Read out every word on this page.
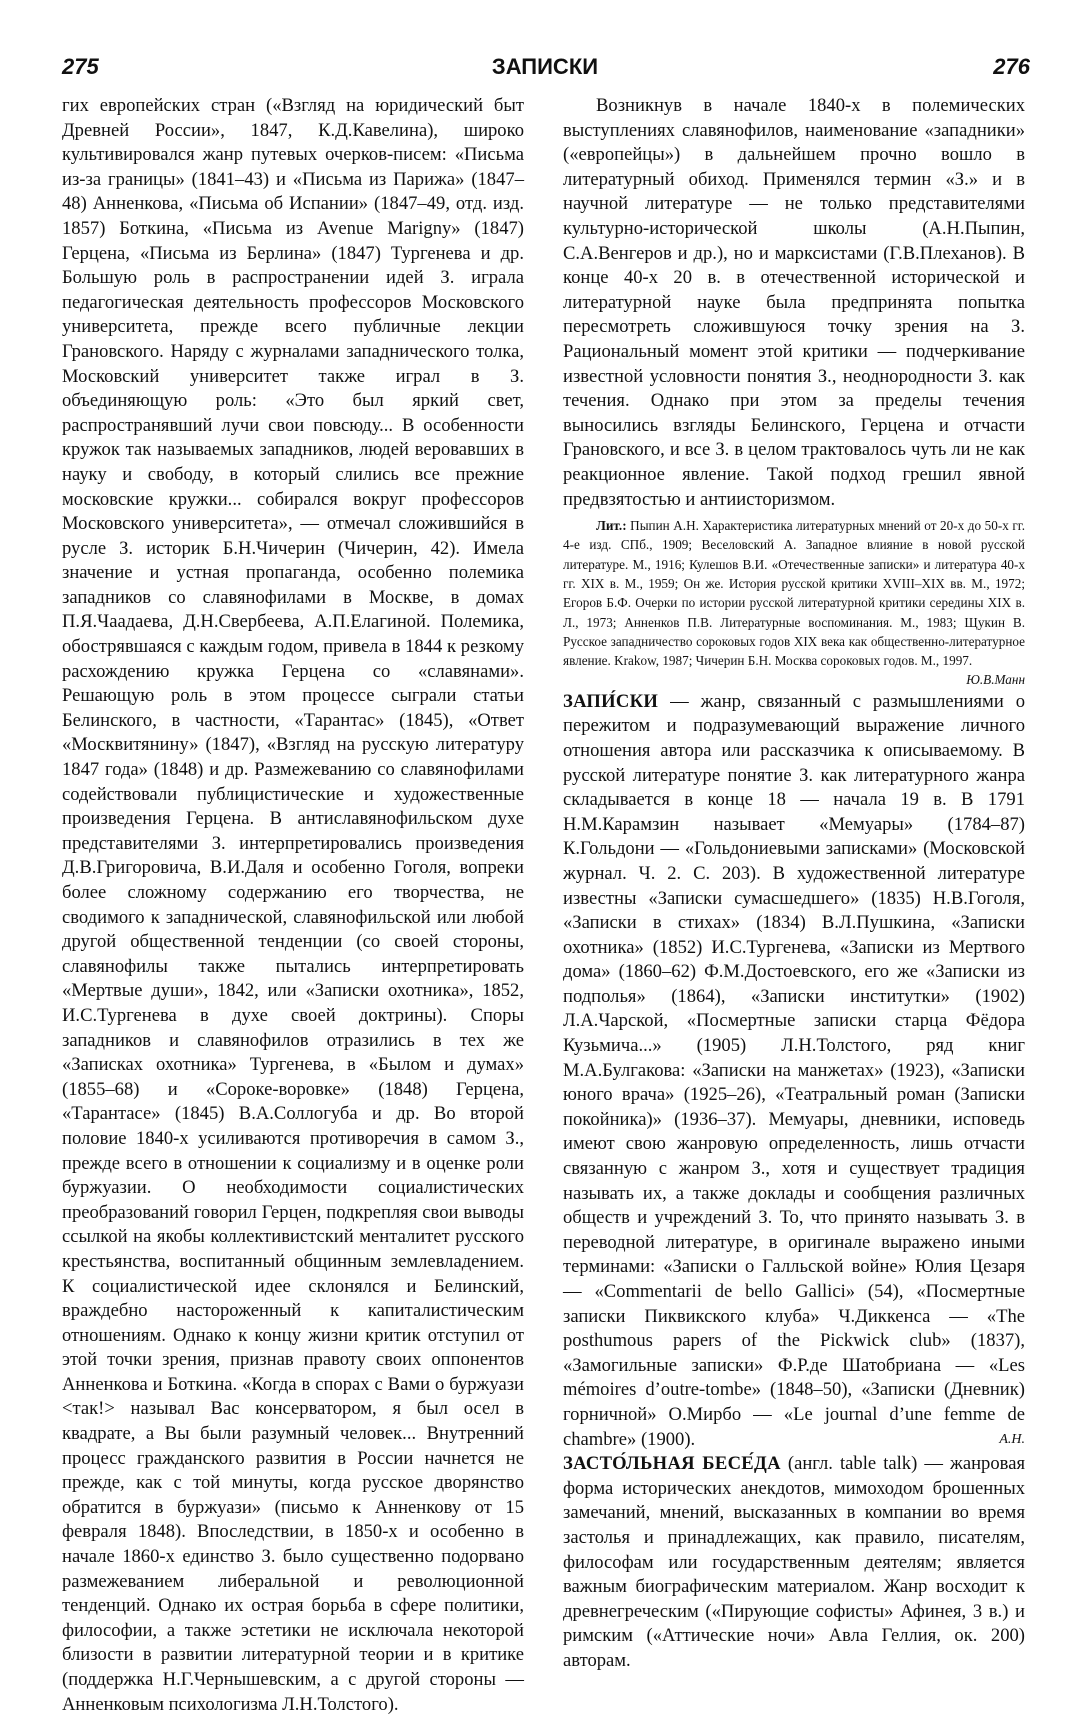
275	ЗАПИСКИ	276

гих европейских стран («Взгляд на юридический быт Древней России», 1847, К.Д.Кавелина), широко культивировался жанр путевых очерков-писем: «Письма из-за границы» (1841–43) и «Письма из Парижа» (1847–48) Анненкова, «Письма об Испании» (1847–49, отд. изд. 1857) Боткина, «Письма из Avenue Marigny» (1847) Герцена, «Письма из Берлина» (1847) Тургенева и др. Большую роль в распространении идей З. играла педагогическая деятельность профессоров Московского университета, прежде всего публичные лекции Грановского. Наряду с журналами западнического толка, Московский университет также играл в З. объединяющую роль: «Это был яркий свет, распространявший лучи свои повсюду... В особенности кружок так называемых западников, людей веровавших в науку и свободу, в который слились все прежние московские кружки... собирался вокруг профессоров Московского университета», — отмечал сложившийся в русле З. историк Б.Н.Чичерин (Чичерин, 42). Имела значение и устная пропаганда, особенно полемика западников со славянофилами в Москве, в домах П.Я.Чаадаева, Д.Н.Свербеева, А.П.Елагиной. Полемика, обострявшаяся с каждым годом, привела в 1844 к резкому расхождению кружка Герцена со «славянами». Решающую роль в этом процессе сыграли статьи Белинского, в частности, «Тарантас» (1845), «Ответ «Москвитянину» (1847), «Взгляд на русскую литературу 1847 года» (1848) и др. Размежеванию со славянофилами содействовали публицистические и художественные произведения Герцена. В антиславянофильском духе представителями З. интерпретировались произведения Д.В.Григоровича, В.И.Даля и особенно Гоголя, вопреки более сложному содержанию его творчества, не сводимого к западнической, славянофильской или любой другой общественной тенденции (со своей стороны, славянофилы также пытались интерпретировать «Мертвые души», 1842, или «Записки охотника», 1852, И.С.Тургенева в духе своей доктрины). Споры западников и славянофилов отразились в тех же «Записках охотника» Тургенева, в «Былом и думах» (1855–68) и «Сороке-воровке» (1848) Герцена, «Тарантасе» (1845) В.А.Соллогуба и др. Во второй половие 1840-х усиливаются противоречия в самом З., прежде всего в отношении к социализму и в оценке роли буржуазии. О необходимости социалистических преобразований говорил Герцен, подкрепляя свои выводы ссылкой на якобы коллективистский менталитет русского крестьянства, воспитанный общинным землевладением. К социалистической идее склонялся и Белинский, враждебно настороженный к капиталистическим отношениям. Однако к концу жизни критик отступил от этой точки зрения, признав правоту своих оппонентов Анненкова и Боткина. «Когда в спорах с Вами о буржуази <так!> называл Вас консерватором, я был осел в квадрате, а Вы были разумный человек... Внутренний процесс гражданского развития в России начнется не прежде, как с той минуты, когда русское дворянство обратится в буржуази» (письмо к Анненкову от 15 февраля 1848). Впоследствии, в 1850-х и особенно в начале 1860-х единство З. было существенно подорвано размежеванием либеральной и революционной тенденций. Однако их острая борьба в сфере политики, философии, а также эстетики не исключала некоторой близости в развитии литературной теории и в критике (поддержка Н.Г.Чернышевским, а с другой стороны — Анненковым психологизма Л.Н.Толстого).

Возникнув в начале 1840-х в полемических выступлениях славянофилов, наименование «западники» («европейцы») в дальнейшем прочно вошло в литературный обиход. Применялся термин «З.» и в научной литературе — не только представителями культурно-исторической школы (А.Н.Пыпин, С.А.Венгеров и др.), но и марксистами (Г.В.Плеханов). В конце 40-х 20 в. в отечественной исторической и литературной науке была предпринята попытка пересмотреть сложившуюся точку зрения на З. Рациональный момент этой критики — подчеркивание известной условности понятия З., неоднородности З. как течения. Однако при этом за пределы течения выносились взгляды Белинского, Герцена и отчасти Грановского, и все З. в целом трактовалось чуть ли не как реакционное явление. Такой подход грешил явной предвзятостью и антиисторизмом.

Лит.: Пыпин А.Н. Характеристика литературных мнений от 20-х до 50-х гг. 4-е изд. СПб., 1909; Веселовский А. Западное влияние в новой русской литературе. М., 1916; Кулешов В.И. «Отечественные записки» и литература 40-х гг. XIX в. М., 1959; Он же. История русской критики XVIII–XIX вв. М., 1972; Егоров Б.Ф. Очерки по истории русской литературной критики середины XIX в. Л., 1973; Анненков П.В. Литературные воспоминания. М., 1983; Щукин В. Русское западничество сороковых годов XIX века как общественно-литературное явление. Krakow, 1987; Чичерин Б.Н. Москва сороковых годов. М., 1997.
Ю.В.Манн

ЗАПИ́СКИ — жанр, связанный с размышлениями о пережитом и подразумевающий выражение личного отношения автора или рассказчика к описываемому. В русской литературе понятие З. как литературного жанра складывается в конце 18 — начала 19 в. В 1791 Н.М.Карамзин называет «Мемуары» (1784–87) К.Гольдони — «Гольдониевыми записками» (Московской журнал. Ч. 2. С. 203). В художественной литературе известны «Записки сумасшедшего» (1835) Н.В.Гоголя, «Записки в стихах» (1834) В.Л.Пушкина, «Записки охотника» (1852) И.С.Тургенева, «Записки из Мертвого дома» (1860–62) Ф.М.Достоевского, его же «Записки из подполья» (1864), «Записки институтки» (1902) Л.А.Чарской, «Посмертные записки старца Фёдора Кузьмича...» (1905) Л.Н.Толстого, ряд книг М.А.Булгакова: «Записки на манжетах» (1923), «Записки юного врача» (1925–26), «Театральный роман (Записки покойника)» (1936–37). Мемуары, дневники, исповедь имеют свою жанровую определенность, лишь отчасти связанную с жанром З., хотя и существует традиция называть их, а также доклады и сообщения различных обществ и учреждений З. То, что принято называть З. в переводной литературе, в оригинале выражено иными терминами: «Записки о Галльской войне» Юлия Цезаря — «Commentarii de bello Gallici» (54), «Посмертные записки Пиквикского клуба» Ч.Диккенса — «The posthumous papers of the Pickwick club» (1837), «Замогильные записки» Ф.Р.де Шатобриана — «Les mémoires d’outre-tombe» (1848–50), «Записки (Дневник) горничной» О.Мирбо — «Le journal d’une femme de chambre» (1900).	А.Н.

ЗАСТО́ЛЬНАЯ БЕСЕ́ДА (англ. table talk) — жанровая форма исторических анекдотов, мимоходом брошенных замечаний, мнений, высказанных в компании во время застолья и принадлежащих, как правило, писателям, философам или государственным деятелям; является важным биографическим материалом. Жанр восходит к древнегреческим («Пирующие софисты» Афинея, 3 в.) и римским («Аттические ночи» Авла Геллия, ок. 200) авторам.
